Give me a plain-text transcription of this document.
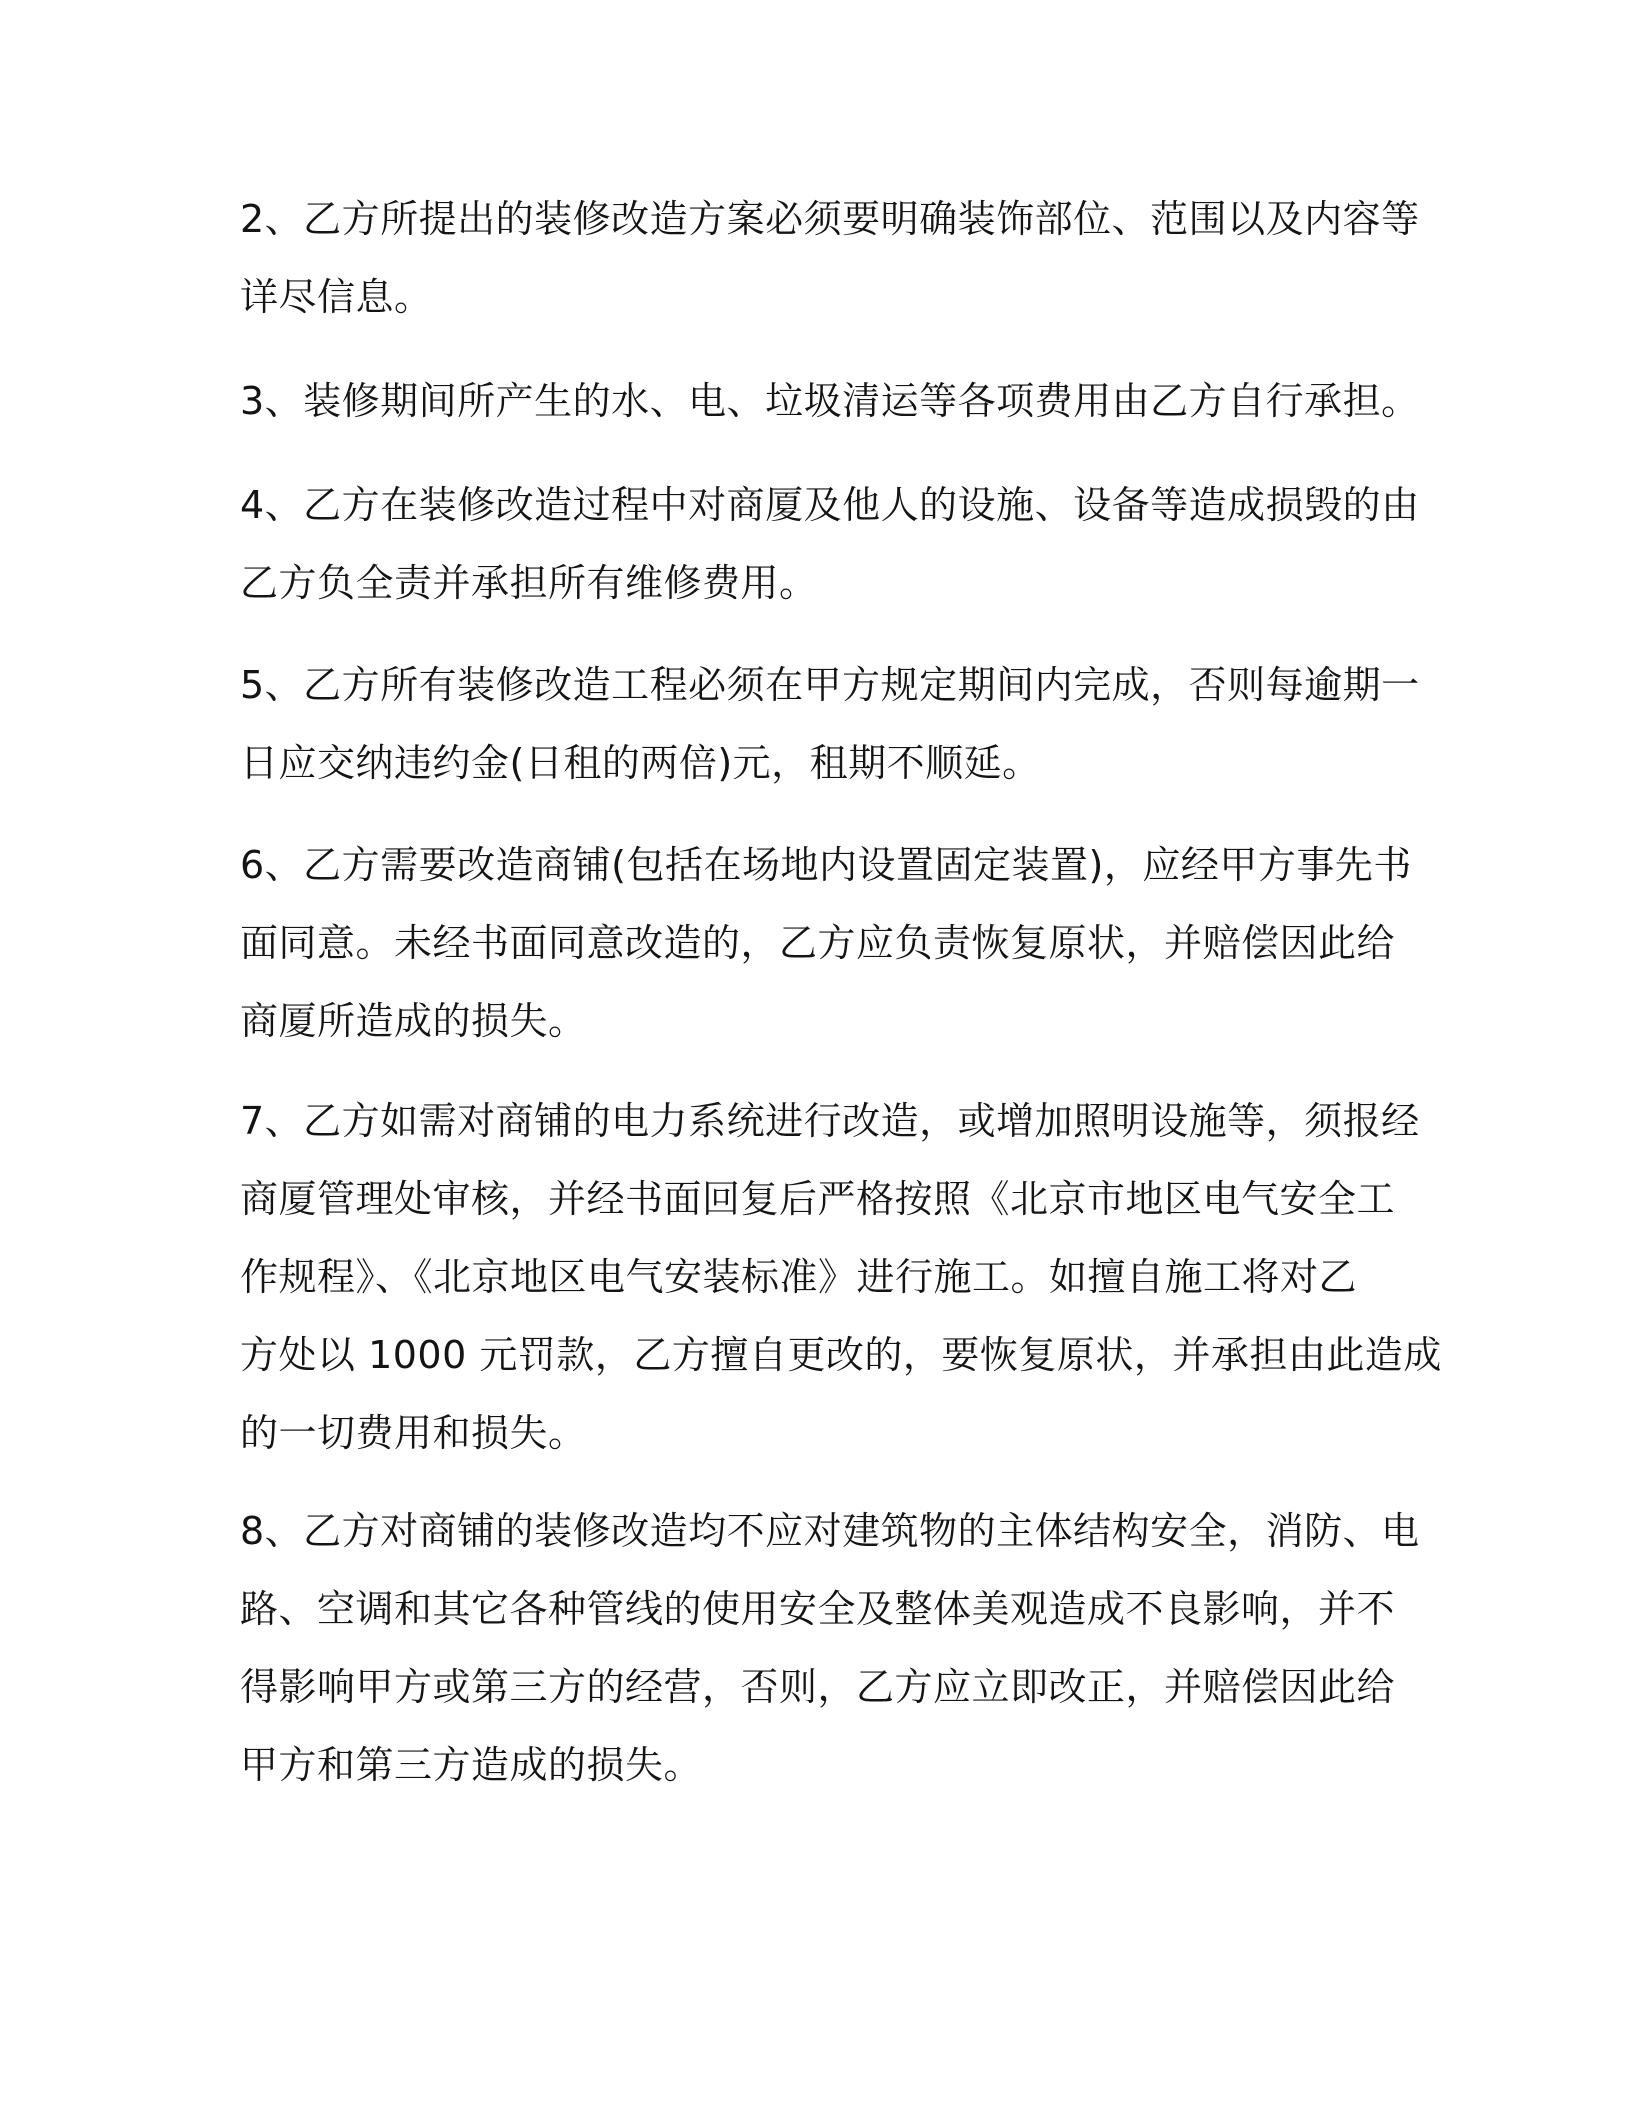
2、乙方所提出的装修改造方案必须要明确装饰部位、范围以及内容等
详尽信息。
3、装修期间所产生的水、电、垃圾清运等各项费用由乙方自行承担。
4、乙方在装修改造过程中对商厦及他人的设施、设备等造成损毁的由
乙方负全责并承担所有维修费用。
5、乙方所有装修改造工程必须在甲方规定期间内完成，否则每逾期一
日应交纳违约金(日租的两倍)元，租期不顺延。
6、乙方需要改造商铺(包括在场地内设置固定装置)，应经甲方事先书
面同意。未经书面同意改造的，乙方应负责恢复原状，并赔偿因此给
商厦所造成的损失。
7、乙方如需对商铺的电力系统进行改造，或增加照明设施等，须报经
商厦管理处审核，并经书面回复后严格按照《北京市地区电气安全工
作规程》、《北京地区电气安装标准》进行施工。如擅自施工将对乙
方处以 1000 元罚款，乙方擅自更改的，要恢复原状，并承担由此造成
的一切费用和损失。
8、乙方对商铺的装修改造均不应对建筑物的主体结构安全，消防、电
路、空调和其它各种管线的使用安全及整体美观造成不良影响，并不
得影响甲方或第三方的经营，否则，乙方应立即改正，并赔偿因此给
甲方和第三方造成的损失。
